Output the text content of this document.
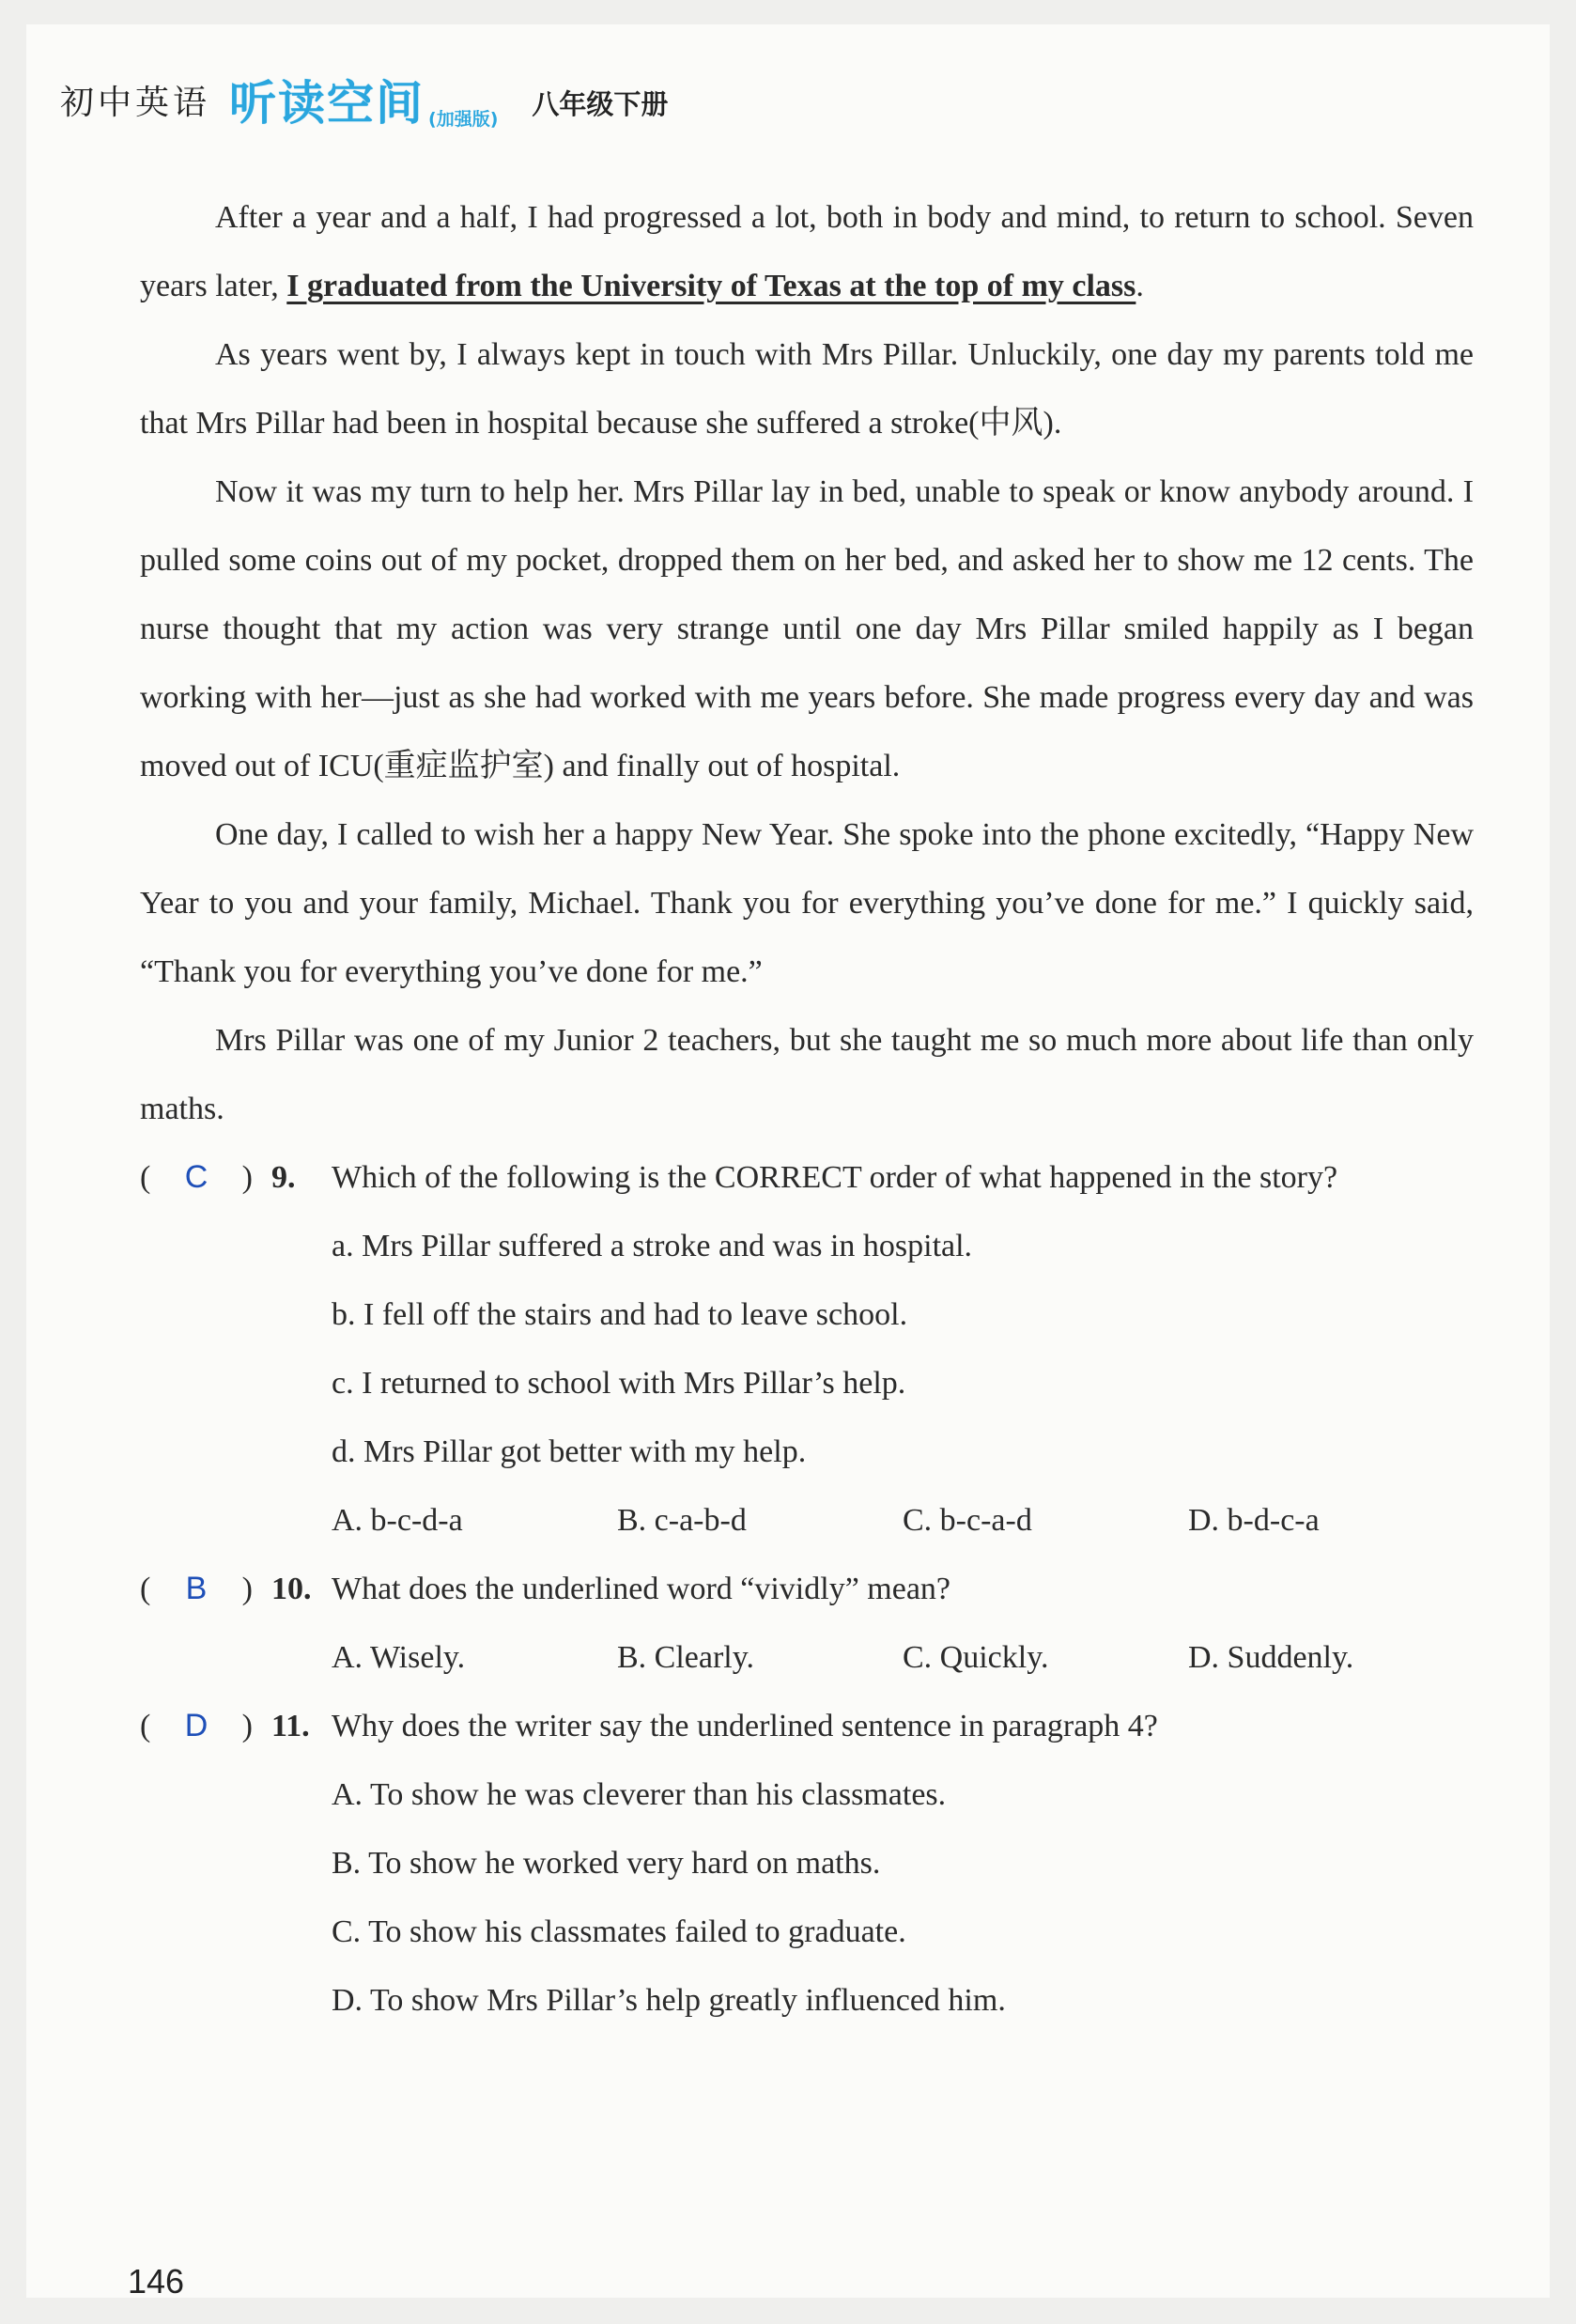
初中英语 听读空间 (加强版) 八年级下册

After a year and a half, I had progressed a lot, both in body and mind, to return to school. Seven years later, I graduated from the University of Texas at the top of my class.

As years went by, I always kept in touch with Mrs Pillar. Unluckily, one day my parents told me that Mrs Pillar had been in hospital because she suffered a stroke(中风).

Now it was my turn to help her. Mrs Pillar lay in bed, unable to speak or know anybody around. I pulled some coins out of my pocket, dropped them on her bed, and asked her to show me 12 cents. The nurse thought that my action was very strange until one day Mrs Pillar smiled happily as I began working with her—just as she had worked with me years before. She made progress every day and was moved out of ICU(重症监护室) and finally out of hospital.

One day, I called to wish her a happy New Year. She spoke into the phone excitedly, “Happy New Year to you and your family, Michael. Thank you for everything you’ve done for me.” I quickly said, “Thank you for everything you’ve done for me.”

Mrs Pillar was one of my Junior 2 teachers, but she taught me so much more about life than only maths.

( C ) 9. Which of the following is the CORRECT order of what happened in the story?

a. Mrs Pillar suffered a stroke and was in hospital.

b. I fell off the stairs and had to leave school.

c. I returned to school with Mrs Pillar’s help.

d. Mrs Pillar got better with my help.

A. b-c-d-a	B. c-a-b-d	C. b-c-a-d	D. b-d-c-a
( B ) 10. What does the underlined word “vividly” mean?
A. Wisely.	B. Clearly.	C. Quickly.	D. Suddenly.
( D ) 11. Why does the writer say the underlined sentence in paragraph 4?

A. To show he was cleverer than his classmates.

B. To show he worked very hard on maths.

C. To show his classmates failed to graduate.

D. To show Mrs Pillar’s help greatly influenced him.

146
